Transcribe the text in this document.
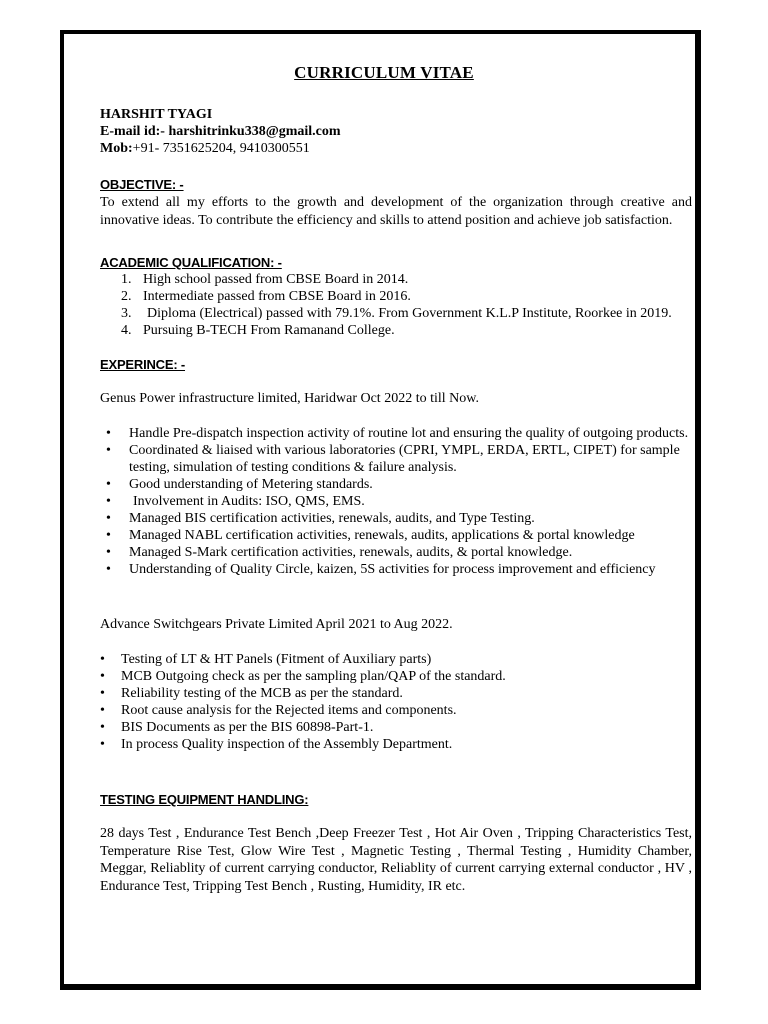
CURRICULUM VITAE
HARSHIT TYAGI
E-mail id:- harshitrinku338@gmail.com
Mob:+91- 7351625204, 9410300551
OBJECTIVE: -
To extend all my efforts to the growth and development of the organization through creative and innovative ideas. To contribute the efficiency and skills to attend position and achieve job satisfaction.
ACADEMIC QUALIFICATION: -
1. High school passed from CBSE Board in 2014.
2. Intermediate passed from CBSE Board in 2016.
3. Diploma (Electrical) passed with 79.1%. From Government K.L.P Institute, Roorkee in 2019.
4. Pursuing B-TECH From Ramanand College.
EXPERINCE: -
Genus Power infrastructure limited, Haridwar Oct 2022 to till Now.
• Handle Pre-dispatch inspection activity of routine lot and ensuring the quality of outgoing products.
• Coordinated & liaised with various laboratories (CPRI, YMPL, ERDA, ERTL, CIPET) for sample testing, simulation of testing conditions & failure analysis.
• Good understanding of Metering standards.
• Involvement in Audits: ISO, QMS, EMS.
• Managed BIS certification activities, renewals, audits, and Type Testing.
• Managed NABL certification activities, renewals, audits, applications & portal knowledge
• Managed S-Mark certification activities, renewals, audits, & portal knowledge.
• Understanding of Quality Circle, kaizen, 5S activities for process improvement and efficiency
Advance Switchgears Private Limited April 2021 to Aug 2022.
• Testing of LT & HT Panels (Fitment of Auxiliary parts)
• MCB Outgoing check as per the sampling plan/QAP of the standard.
• Reliability testing of the MCB as per the standard.
• Root cause analysis for the Rejected items and components.
• BIS Documents as per the BIS 60898-Part-1.
• In process Quality inspection of the Assembly Department.
TESTING EQUIPMENT HANDLING:
28 days Test , Endurance Test Bench ,Deep Freezer Test , Hot Air Oven , Tripping Characteristics Test, Temperature Rise Test, Glow Wire Test , Magnetic Testing , Thermal Testing , Humidity Chamber, Meggar, Reliablity of current carrying conductor, Reliablity of current carrying external conductor , HV , Endurance Test, Tripping Test Bench , Rusting, Humidity, IR etc.
